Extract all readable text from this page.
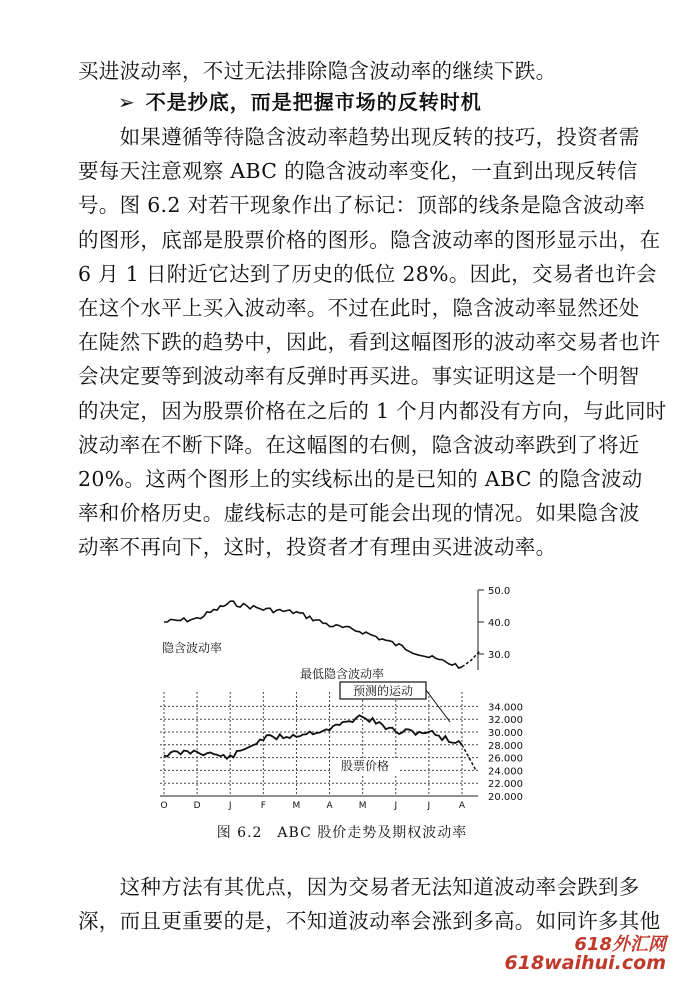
买进波动率，不过无法排除隐含波动率的继续下跌。
➢ 不是抄底，而是把握市场的反转时机
　　如果遵循等待隐含波动率趋势出现反转的技巧，投资者需
要每天注意观察 ABC 的隐含波动率变化，一直到出现反转信
号。图 6.2 对若干现象作出了标记：顶部的线条是隐含波动率
的图形，底部是股票价格的图形。隐含波动率的图形显示出，在
6 月 1 日附近它达到了历史的低位 28%。因此，交易者也许会
在这个水平上买入波动率。不过在此时，隐含波动率显然还处
在陡然下跌的趋势中，因此，看到这幅图形的波动率交易者也许
会决定要等到波动率有反弹时再买进。事实证明这是一个明智
的决定，因为股票价格在之后的 1 个月内都没有方向，与此同时
波动率在不断下降。在这幅图的右侧，隐含波动率跌到了将近
20%。这两个图形上的实线标出的是已知的 ABC 的隐含波动
率和价格历史。虚线标志的是可能会出现的情况。如果隐含波
动率不再向下，这时，投资者才有理由买进波动率。
50.0
40.0
30.0
34.000
32.000
30.000
28.000
26.000
24.000
22.000
20.000
O	D	J	F	M	A	M	J	J	A
隐含波动率
最低隐含波动率
预测的运动
股票价格
图 6.2　ABC 股价走势及期权波动率
　　这种方法有其优点，因为交易者无法知道波动率会跌到多
深，而且更重要的是，不知道波动率会涨到多高。如同许多其他
618外汇网
618waihui.com
